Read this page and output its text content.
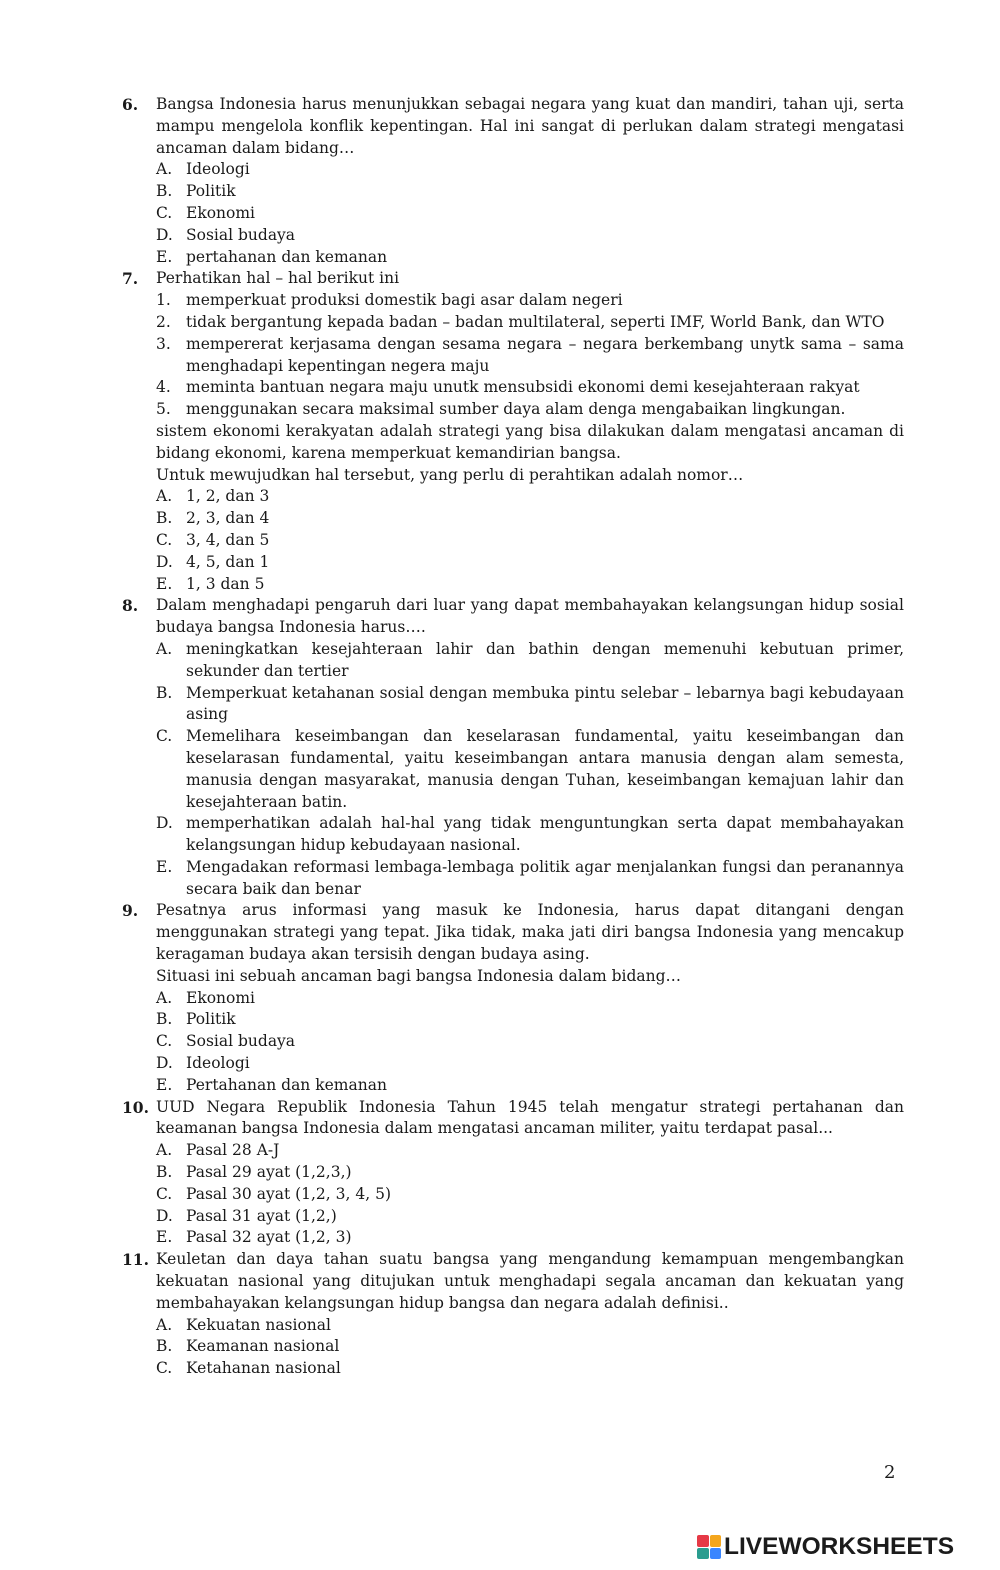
6. Bangsa Indonesia harus menunjukkan sebagai negara yang kuat dan mandiri, tahan uji, serta mampu mengelola konflik kepentingan. Hal ini sangat di perlukan dalam strategi mengatasi ancaman dalam bidang…
A. Ideologi
B. Politik
C. Ekonomi
D. Sosial budaya
E. pertahanan dan kemanan
7. Perhatikan hal – hal berikut ini
1. memperkuat produksi domestik bagi asar dalam negeri
2. tidak bergantung kepada badan – badan multilateral, seperti IMF, World Bank, dan WTO
3. mempererat kerjasama dengan sesama negara – negara berkembang unytk sama – sama menghadapi kepentingan negera maju
4. meminta bantuan negara maju unutk mensubsidi ekonomi demi kesejahteraan rakyat
5. menggunakan secara maksimal sumber daya alam denga mengabaikan lingkungan.
sistem ekonomi kerakyatan adalah strategi yang bisa dilakukan dalam mengatasi ancaman di bidang ekonomi, karena memperkuat kemandirian bangsa.
Untuk mewujudkan hal tersebut, yang perlu di perahtikan adalah nomor…
A. 1, 2, dan 3
B. 2, 3, dan 4
C. 3, 4, dan 5
D. 4, 5, dan 1
E. 1, 3 dan 5
8. Dalam menghadapi pengaruh dari luar yang dapat membahayakan kelangsungan hidup sosial budaya bangsa Indonesia harus….
A. meningkatkan kesejahteraan lahir dan bathin dengan memenuhi kebutuan primer, sekunder dan tertier
B. Memperkuat ketahanan sosial dengan membuka pintu selebar – lebarnya bagi kebudayaan asing
C. Memelihara keseimbangan dan keselarasan fundamental, yaitu keseimbangan dan keselarasan fundamental, yaitu keseimbangan antara manusia dengan alam semesta, manusia dengan masyarakat, manusia dengan Tuhan, keseimbangan kemajuan lahir dan kesejahteraan batin.
D. memperhatikan adalah hal-hal yang tidak menguntungkan serta dapat membahayakan kelangsungan hidup kebudayaan nasional.
E. Mengadakan reformasi lembaga-lembaga politik agar menjalankan fungsi dan peranannya secara baik dan benar
9. Pesatnya arus informasi yang masuk ke Indonesia, harus dapat ditangani dengan menggunakan strategi yang tepat. Jika tidak, maka jati diri bangsa Indonesia yang mencakup keragaman budaya akan tersisih dengan budaya asing.
Situasi ini sebuah ancaman bagi bangsa Indonesia dalam bidang…
A. Ekonomi
B. Politik
C. Sosial budaya
D. Ideologi
E. Pertahanan dan kemanan
10. UUD Negara Republik Indonesia Tahun 1945 telah mengatur strategi pertahanan dan keamanan bangsa Indonesia dalam mengatasi ancaman militer, yaitu terdapat pasal...
A. Pasal 28 A-J
B. Pasal 29 ayat (1,2,3,)
C. Pasal 30 ayat (1,2, 3, 4, 5)
D. Pasal 31 ayat (1,2,)
E. Pasal 32 ayat (1,2, 3)
11. Keuletan dan daya tahan suatu bangsa yang mengandung kemampuan mengembangkan kekuatan nasional yang ditujukan untuk menghadapi segala ancaman dan kekuatan yang membahayakan kelangsungan hidup bangsa dan negara adalah definisi..
A. Kekuatan nasional
B. Keamanan nasional
C. Ketahanan nasional
2
LIVEWORKSHEETS
